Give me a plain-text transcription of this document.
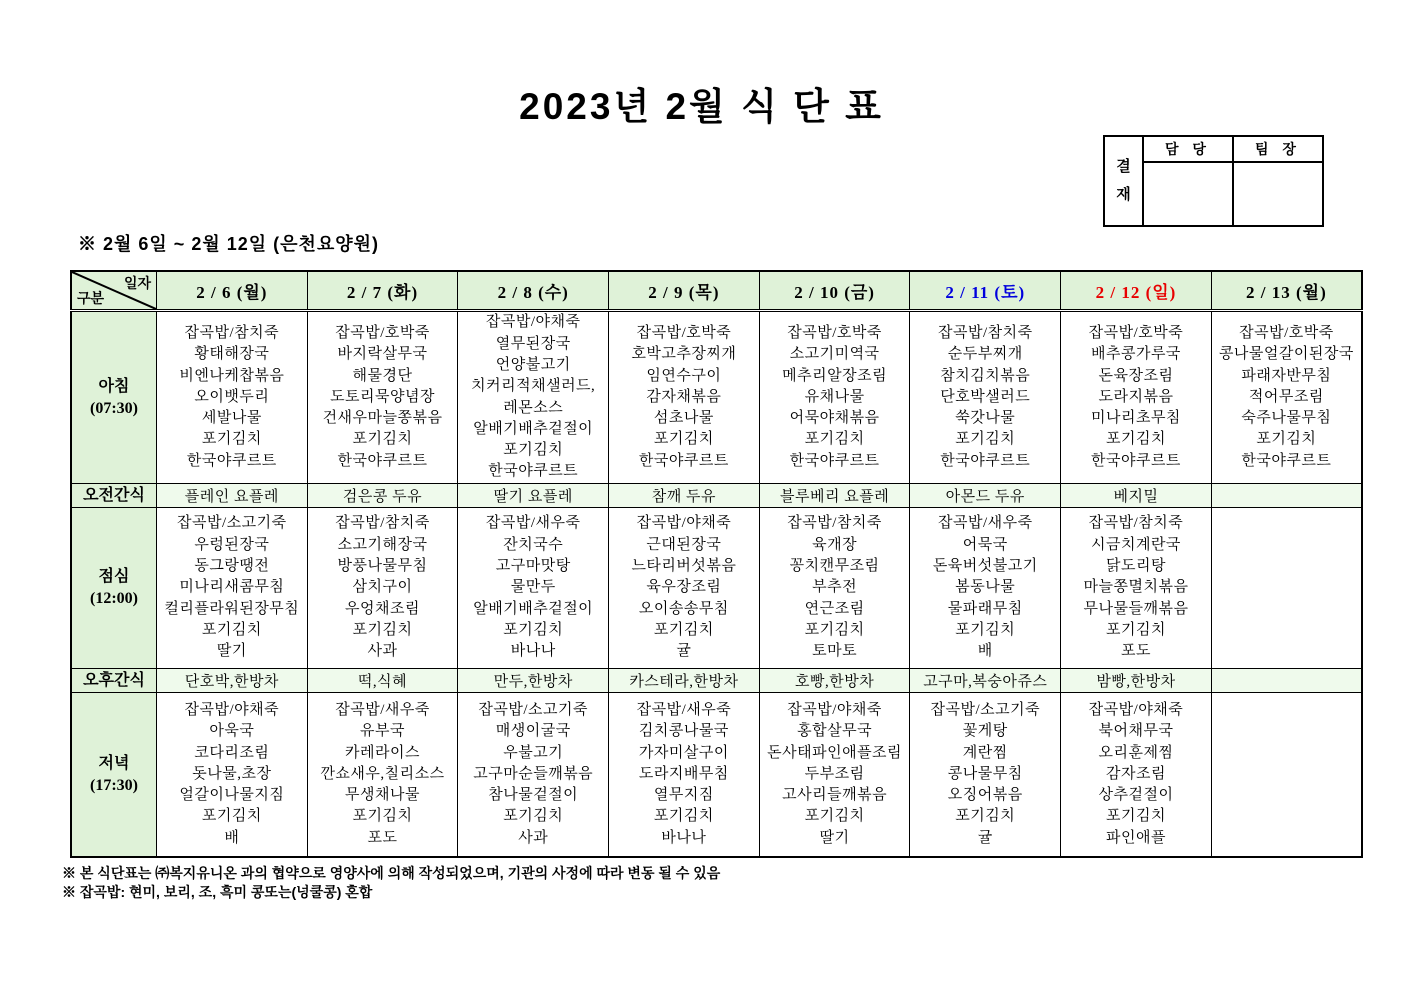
2023년 2월 식 단 표
결재	담 당	팀 장

※ 2월 6일 ~ 2월 12일 (은천요양원)
일자
구분	2 / 6 (월)	2 / 7 (화)	2 / 8 (수)	2 / 9 (목)	2 / 10 (금)	2 / 11 (토)	2 / 12 (일)	2 / 13 (월)

아침
(07:30)

잡곡밥/참치죽
황태해장국
비엔나케찹볶음
오이뱃두리
세발나물
포기김치
한국야쿠르트

잡곡밥/호박죽
바지락살무국
해물경단
도토리묵양념장
건새우마늘쫑볶음
포기김치
한국야쿠르트

잡곡밥/야채죽
열무된장국
언양불고기
치커리적채샐러드,
레몬소스
알배기배추겉절이
포기김치
한국야쿠르트

잡곡밥/호박죽
호박고추장찌개
임연수구이
감자채볶음
섬초나물
포기김치
한국야쿠르트

잡곡밥/호박죽
소고기미역국
메추리알장조림
유채나물
어묵야채볶음
포기김치
한국야쿠르트

잡곡밥/참치죽
순두부찌개
참치김치볶음
단호박샐러드
쑥갓나물
포기김치
한국야쿠르트

잡곡밥/호박죽
배추콩가루국
돈육장조림
도라지볶음
미나리초무침
포기김치
한국야쿠르트

잡곡밥/호박죽
콩나물얼갈이된장국
파래자반무침
적어무조림
숙주나물무침
포기김치
한국야쿠르트

오전간식	플레인 요플레	검은콩 두유	딸기 요플레	참깨 두유	블루베리 요플레	아몬드 두유	베지밀	

점심
(12:00)

잡곡밥/소고기죽
우렁된장국
동그랑땡전
미나리새콤무침
컬리플라워된장무침
포기김치
딸기

잡곡밥/참치죽
소고기해장국
방풍나물무침
삼치구이
우엉채조림
포기김치
사과

잡곡밥/새우죽
잔치국수
고구마맛탕
물만두
알배기배추겉절이
포기김치
바나나

잡곡밥/야채죽
근대된장국
느타리버섯볶음
육우장조림
오이송송무침
포기김치
귤

잡곡밥/참치죽
육개장
꽁치캔무조림
부추전
연근조림
포기김치
토마토

잡곡밥/새우죽
어묵국
돈육버섯불고기
봄동나물
물파래무침
포기김치
배

잡곡밥/참치죽
시금치계란국
닭도리탕
마늘쫑멸치볶음
무나물들깨볶음
포기김치
포도

오후간식	단호박,한방차	떡,식혜	만두,한방차	카스테라,한방차	호빵,한방차	고구마,복숭아쥬스	밤빵,한방차	

저녁
(17:30)

잡곡밥/야채죽
아욱국
코다리조림
돗나물,초장
얼갈이나물지짐
포기김치
배

잡곡밥/새우죽
유부국
카레라이스
깐쇼새우,칠리소스
무생채나물
포기김치
포도

잡곡밥/소고기죽
매생이굴국
우불고기
고구마순들깨볶음
참나물겉절이
포기김치
사과

잡곡밥/새우죽
김치콩나물국
가자미살구이
도라지배무침
열무지짐
포기김치
바나나

잡곡밥/야채죽
홍합살무국
돈사태파인애플조림
두부조림
고사리들깨볶음
포기김치
딸기

잡곡밥/소고기죽
꽃게탕
계란찜
콩나물무침
오징어볶음
포기김치
귤

잡곡밥/야채죽
북어채무국
오리훈제찜
감자조림
상추겉절이
포기김치
파인애플

※ 본 식단표는 ㈜복지유니온 과의 협약으로 영양사에 의해 작성되었으며, 기관의 사정에 따라 변동 될 수 있음
※ 잡곡밥: 현미, 보리, 조, 흑미 콩또는(넝쿨콩) 혼합
